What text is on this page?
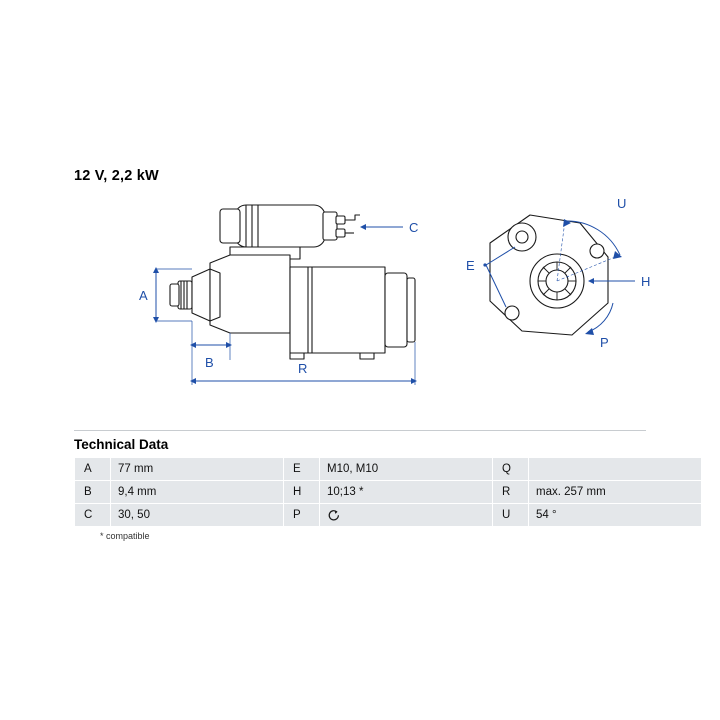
12 V, 2,2 kW
A
B	R
C
E
H
U
P
Technical Data
A	77 mm	E	M10, M10	Q	
B	9,4 mm	H	10;13 *	R	max. 257 mm
C	30, 50	P		U	54 °
* compatible
